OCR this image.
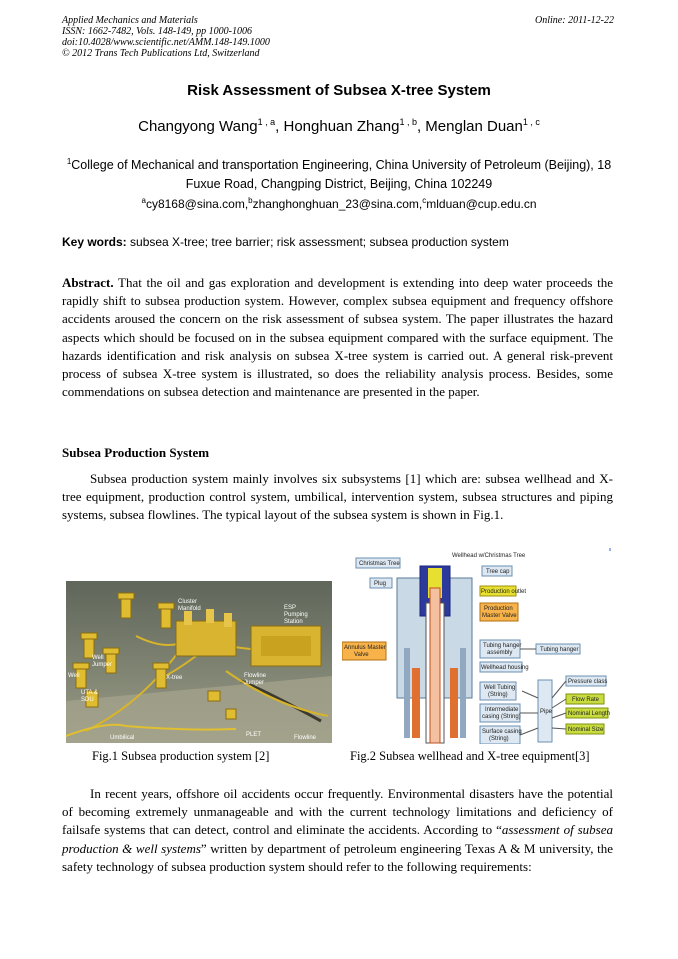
Applied Mechanics and Materials
ISSN: 1662-7482, Vols. 148-149, pp 1000-1006
doi:10.4028/www.scientific.net/AMM.148-149.1000
© 2012 Trans Tech Publications Ltd, Switzerland
Online: 2011-12-22
Risk Assessment of Subsea X-tree System
Changyong Wang$^{1 , a}$, Honghuan Zhang$^{1 , b}$, Menglan Duan$^{1 , c}$
$^1$College of Mechanical and transportation Engineering, China University of Petroleum (Beijing), 18 Fuxue Road, Changping District, Beijing, China 102249
$^a$cy8168@sina.com,$^b$zhanghonghuan_23@sina.com,$^c$mlduan@cup.edu.cn
Key words: subsea X-tree; tree barrier; risk assessment; subsea production system
Abstract. That the oil and gas exploration and development is extending into deep water proceeds the rapidly shift to subsea production system. However, complex subsea equipment and frequency offshore accidents aroused the concern on the risk assessment of subsea system. The paper illustrates the hazard aspects which should be focused on in the subsea equipment compared with the surface equipment. The hazards identification and risk analysis on subsea X-tree system is carried out. A general risk-prevent process of subsea X-tree system is illustrated, so does the reliability analysis process. Besides, some commendations on subsea detection and maintenance are presented in the paper.
Subsea Production System
Subsea production system mainly involves six subsystems [1] which are: subsea wellhead and X-tree equipment, production control system, umbilical, intervention system, subsea structures and piping systems, subsea flowlines. The typical layout of the subsea system is shown in Fig.1.
Cluster Manifold	ESP Pumping Station
Well Jumper
Well	X-tree	Flowline Jumper
UTA & SDU
PLET
Umbilical	Flowline
Wellhead w/Christmas Tree
Christmas Tree
Plug
Annulus Master Valve
Tree cap
Production outlet
Production Master Valve
Tubing hanger assembly	Tubing hanger
Wellhead housing
Pressure class
Well Tubing (String)
Intermediate casing (String)
Pipe
Flow Rate
Nominal Length
Surface casing (String)
Nominal Size
Fig.1 Subsea production system [2]	Fig.2 Subsea wellhead and X-tree equipment[3]
In recent years, offshore oil accidents occur frequently. Environmental disasters have the potential of becoming extremely unmanageable and with the current technology limitations and deficiency of failsafe systems that can detect, control and eliminate the accidents. According to “assessment of subsea production & well systems” written by department of petroleum engineering Texas A & M university, the safety technology of subsea production system should refer to the following requirements:
